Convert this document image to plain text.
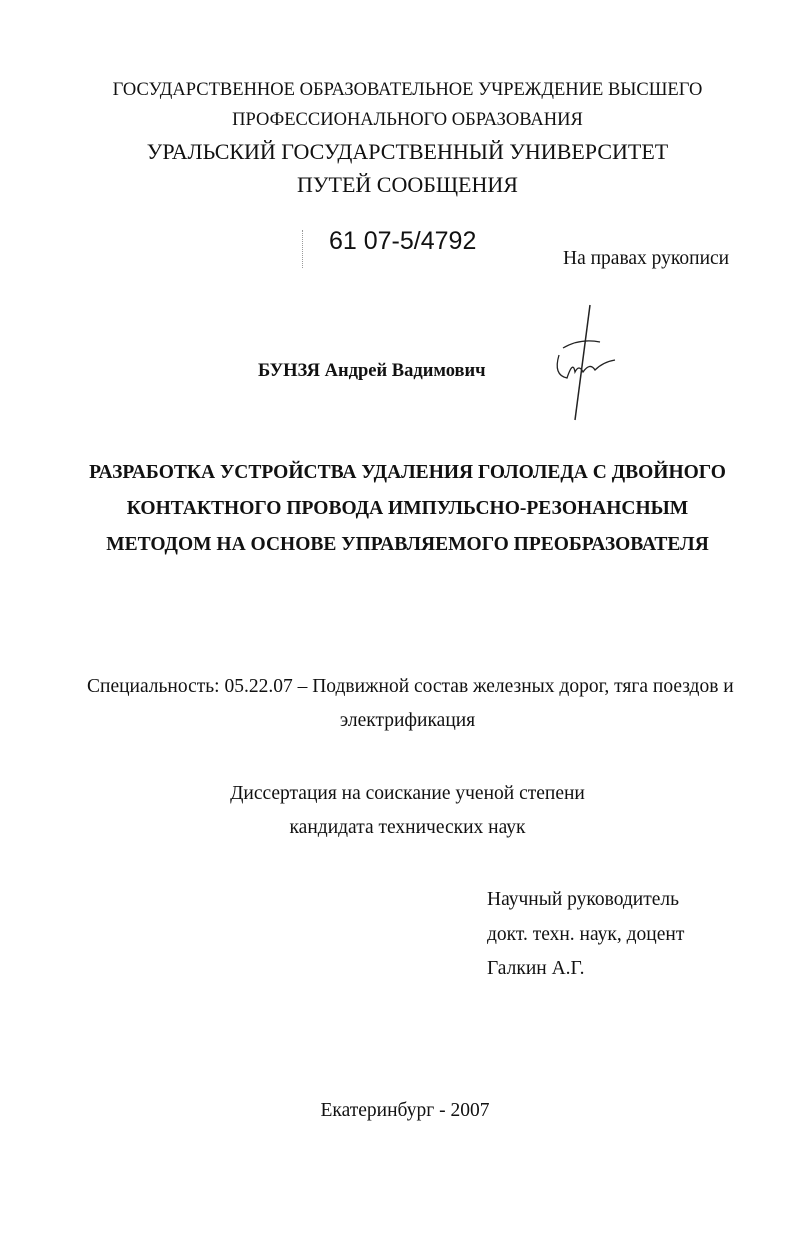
ГОСУДАРСТВЕННОЕ ОБРАЗОВАТЕЛЬНОЕ УЧРЕЖДЕНИЕ ВЫСШЕГО
ПРОФЕССИОНАЛЬНОГО ОБРАЗОВАНИЯ
УРАЛЬСКИЙ ГОСУДАРСТВЕННЫЙ УНИВЕРСИТЕТ
ПУТЕЙ СООБЩЕНИЯ
61 07-5/4792
На правах рукописи
БУНЗЯ Андрей Вадимович
РАЗРАБОТКА УСТРОЙСТВА УДАЛЕНИЯ ГОЛОЛЕДА С ДВОЙНОГО
КОНТАКТНОГО ПРОВОДА ИМПУЛЬСНО-РЕЗОНАНСНЫМ
МЕТОДОМ НА ОСНОВЕ УПРАВЛЯЕМОГО ПРЕОБРАЗОВАТЕЛЯ
Специальность: 05.22.07 – Подвижной состав железных дорог, тяга поездов и
электрификация
Диссертация на соискание ученой степени
кандидата технических наук
Научный руководитель
докт. техн. наук, доцент
Галкин А.Г.
Екатеринбург - 2007
